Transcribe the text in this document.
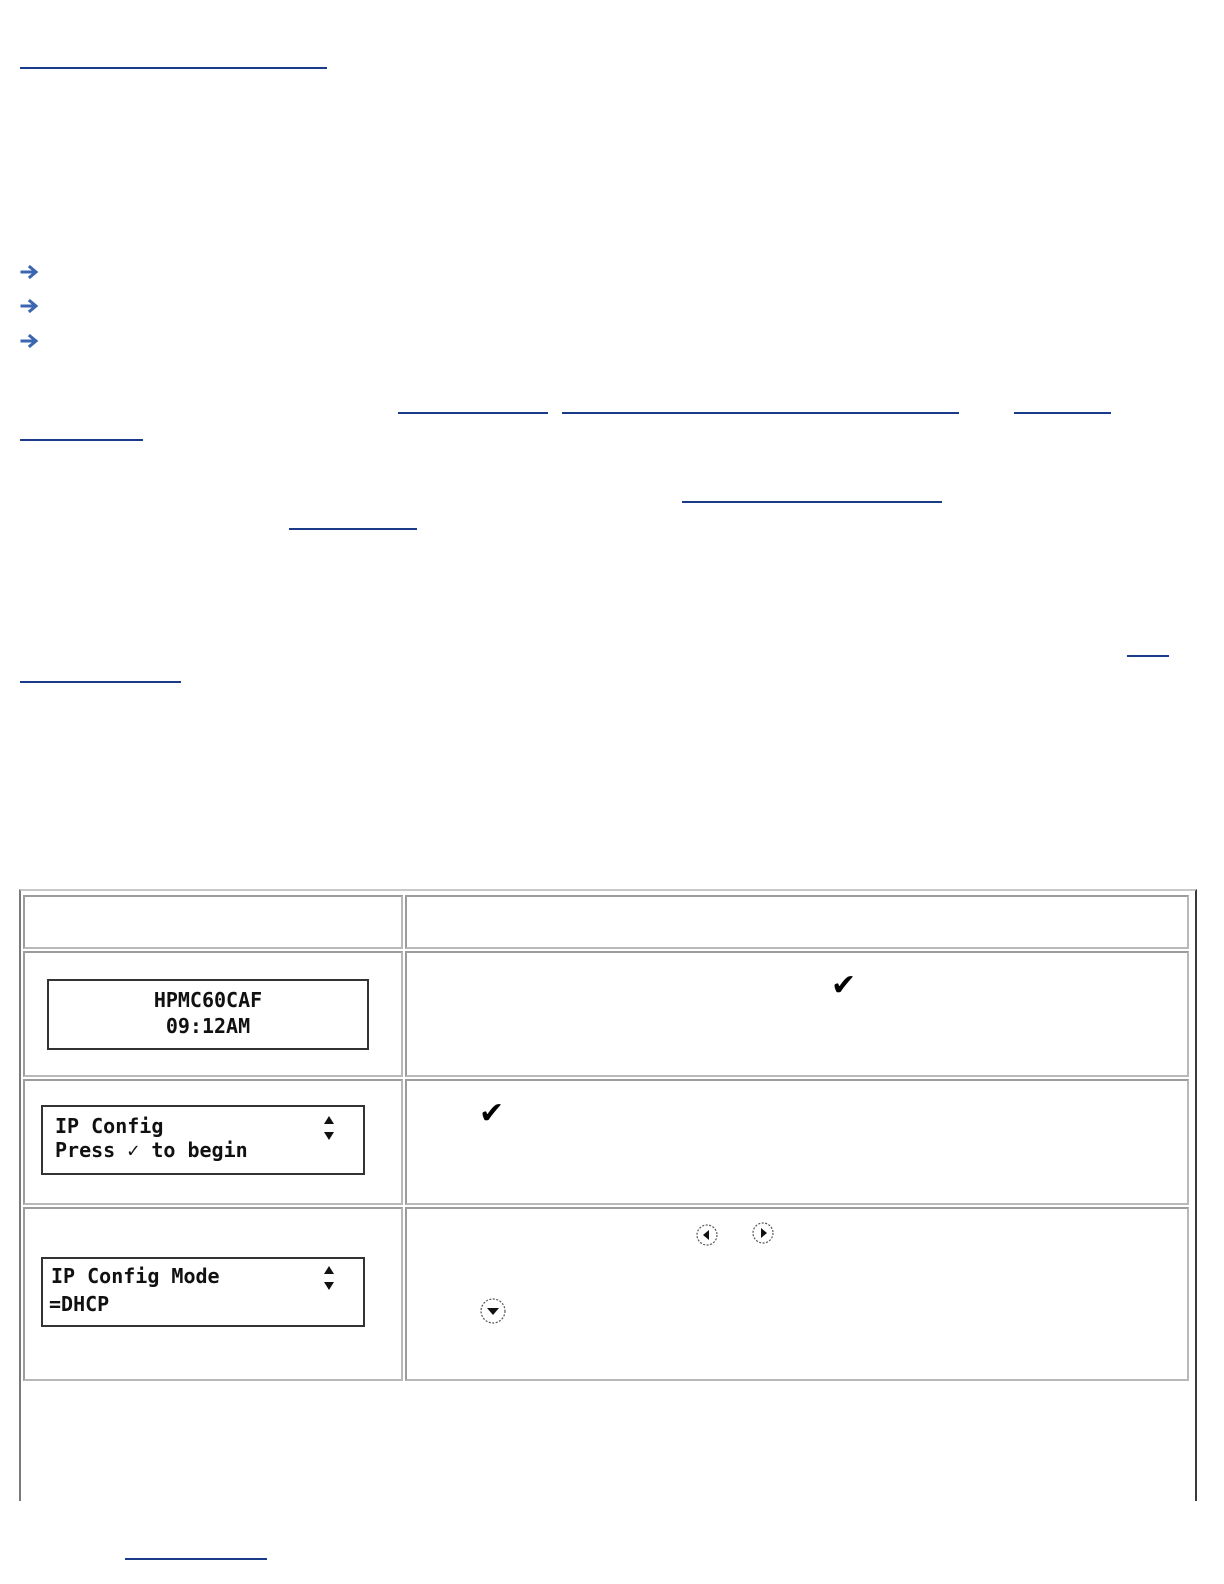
HPMC60CAF

09:12AM

✔

IP Config

Press ✓ to begin

✔

IP Config Mode

=DHCP
